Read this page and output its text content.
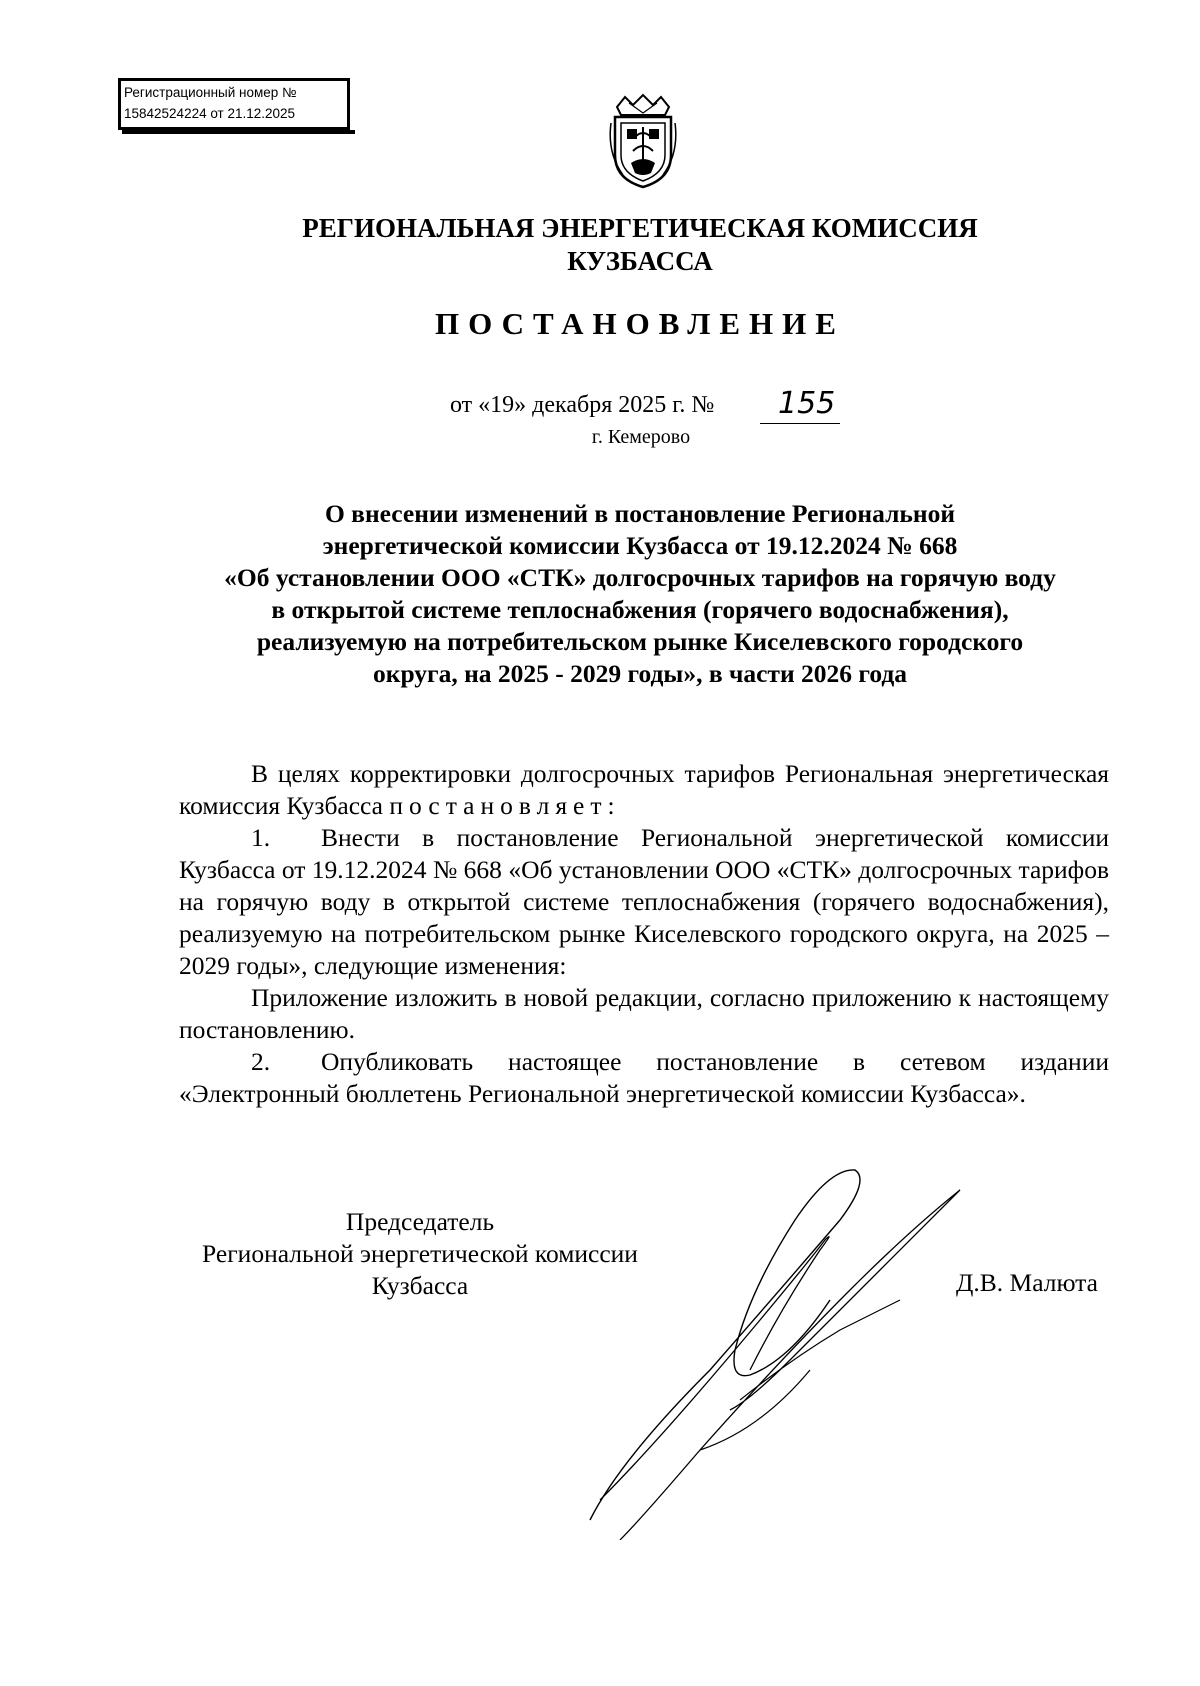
Регистрационный номер №
15842524224 от 21.12.2025
РЕГИОНАЛЬНАЯ ЭНЕРГЕТИЧЕСКАЯ КОМИССИЯ
КУЗБАССА
ПОСТАНОВЛЕНИЕ
от «19» декабря 2025 г. № 155
г. Кемерово
О внесении изменений в постановление Региональной
энергетической комиссии Кузбасса от 19.12.2024 № 668
«Об установлении ООО «СТК» долгосрочных тарифов на горячую воду
в открытой системе теплоснабжения (горячего водоснабжения),
реализуемую на потребительском рынке Киселевского городского
округа, на 2025 - 2029 годы», в части 2026 года

В целях корректировки долгосрочных тарифов Региональная энергетическая комиссия Кузбасса постановляет:

1. Внести в постановление Региональной энергетической комиссии Кузбасса от 19.12.2024 № 668 «Об установлении ООО «СТК» долгосрочных тарифов на горячую воду в открытой системе теплоснабжения (горячего водоснабжения), реализуемую на потребительском рынке Киселевского городского округа, на 2025 – 2029 годы», следующие изменения:

Приложение изложить в новой редакции, согласно приложению к настоящему постановлению.

2. Опубликовать настоящее постановление в сетевом издании «Электронный бюллетень Региональной энергетической комиссии Кузбасса».

Председатель
Региональной энергетической комиссии
Кузбасса	Д.В. Малюта
